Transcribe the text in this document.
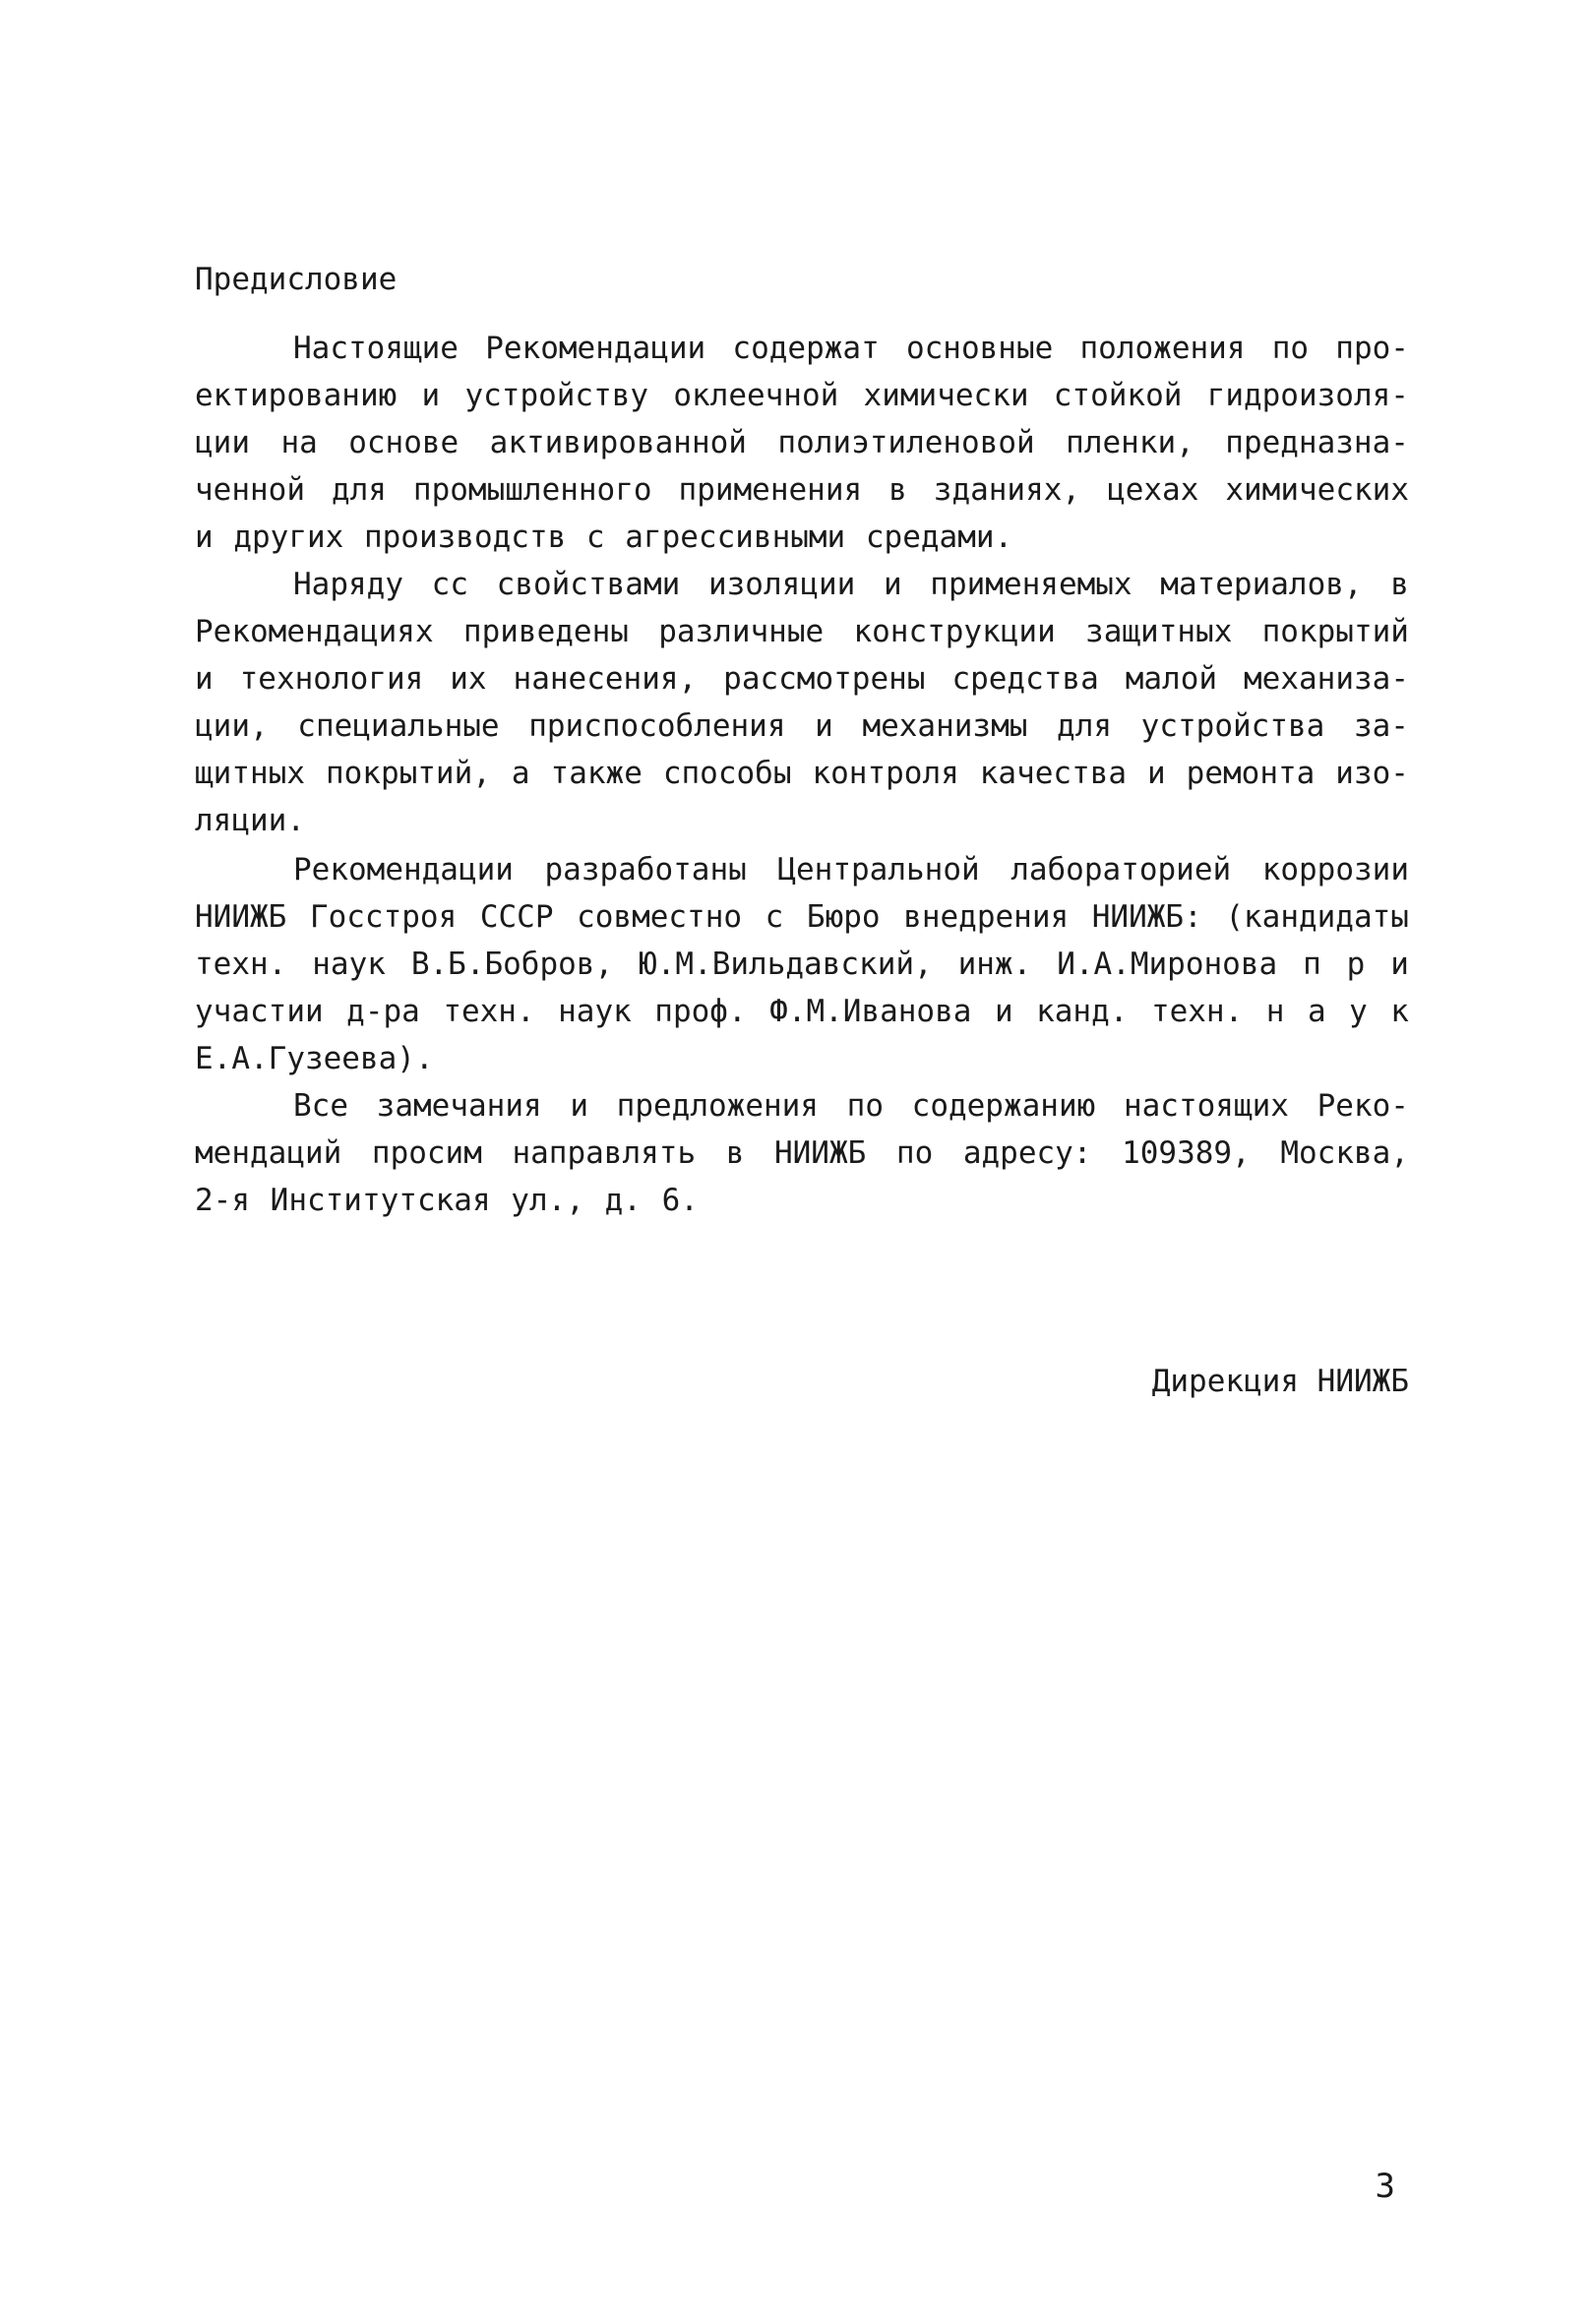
Предисловие
Настоящие Рекомендации содержат основные положения по про-
ектированию и устройству оклеечной химически стойкой гидроизоля-
ции на основе активированной полиэтиленовой пленки, предназна-
ченной для промышленного применения в зданиях, цехах химических
и других производств с агрессивными средами.
Наряду сс свойствами изоляции и применяемых материалов, в
Рекомендациях приведены различные конструкции защитных покрытий
и технология их нанесения, рассмотрены средства малой механиза-
ции, специальные приспособления и механизмы для устройства за-
щитных покрытий, а также способы контроля качества и ремонта изо-
ляции.
Рекомендации разработаны Центральной лабораторией коррозии
НИИЖБ Госстроя СССР совместно с Бюро внедрения НИИЖБ: (кандидаты
техн. наук В.Б.Бобров, Ю.М.Вильдавский, инж. И.А.Миронова п р и
участии д-ра техн. наук проф. Ф.М.Иванова и канд. техн. н а у к
Е.А.Гузеева).
Все замечания и предложения по содержанию настоящих Реко-
мендаций просим направлять в НИИЖБ по адресу: 109389, Москва,
2-я Институтская ул., д. 6.
Дирекция НИИЖБ
3
